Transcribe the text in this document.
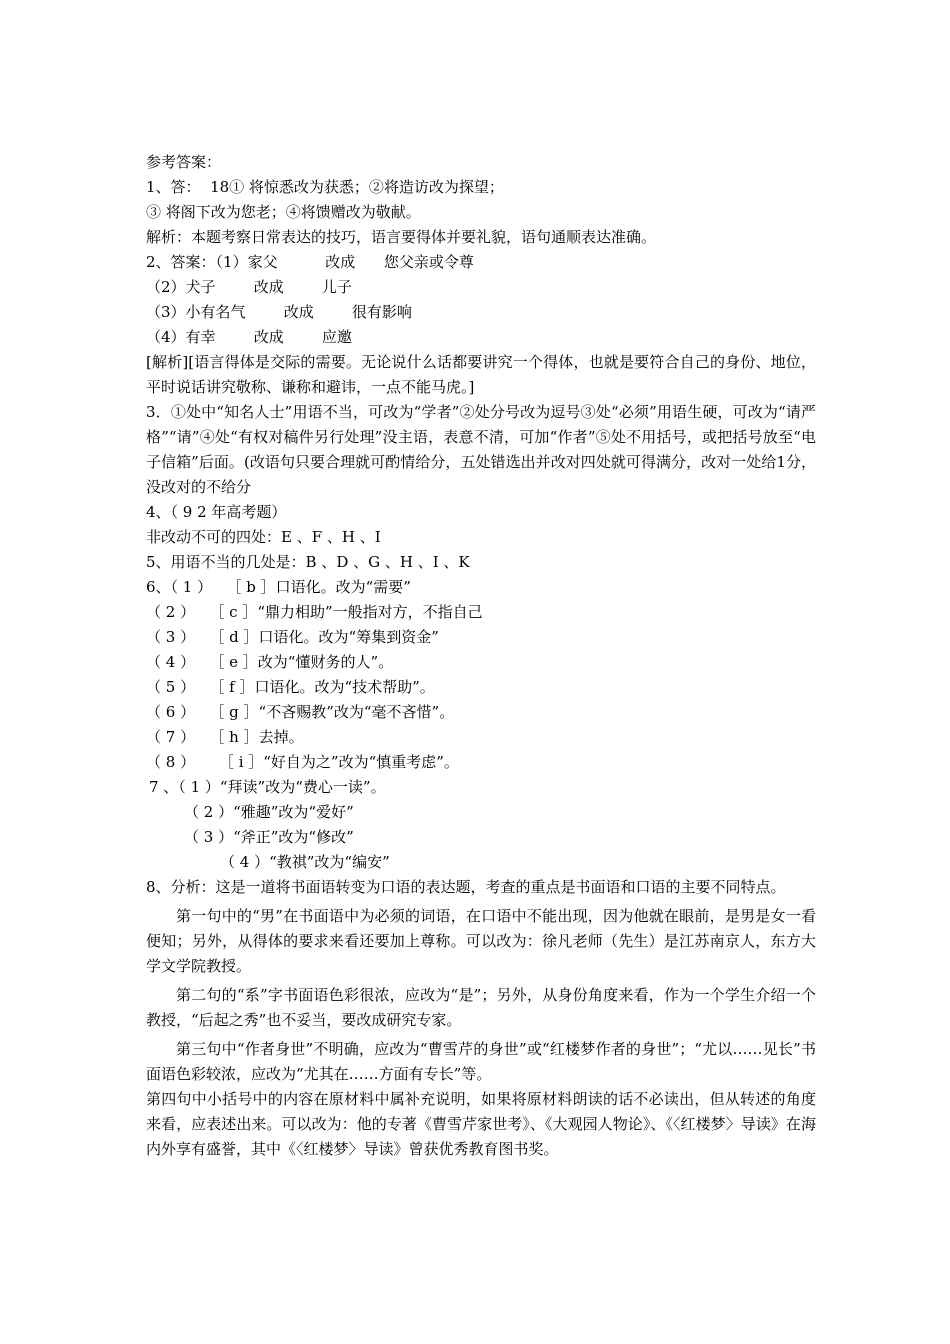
参考答案：
1、答：  18① 将惊悉改为获悉；②将造访改为探望；
③ 将阁下改为您老；④将馈赠改为敬献。
解析：本题考察日常表达的技巧，语言要得体并要礼貌，语句通顺表达准确。
2、答案：（1）家父          改成      您父亲或令尊
（2）犬子        改成        儿子
（3）小有名气        改成        很有影响
（4）有幸        改成        应邀
[解析][语言得体是交际的需要。无论说什么话都要讲究一个得体，也就是要符合自己的身份、地位，平时说话讲究敬称、谦称和避讳，一点不能马虎。]
3．①处中“知名人士”用语不当，可改为“学者”②处分号改为逗号③处“必须”用语生硬，可改为“请严格”“请”④处“有权对稿件另行处理”没主语，表意不清，可加“作者”⑤处不用括号，或把括号放至“电子信箱”后面。(改语句只要合理就可酌情给分，五处错选出并改对四处就可得满分，改对一处给1分，没改对的不给分
4、（ 9 2 年高考题）
非改动不可的四处：E 、F 、H 、I
5、用语不当的几处是：B 、D 、G 、H 、I 、K
6、（ 1 ）   ［ b ］口语化。改为“需要”
（ 2 ）   ［ c ］“鼎力相助”一般指对方，不指自己
（ 3 ）   ［ d ］口语化。改为“筹集到资金”
（ 4 ）   ［ e ］改为“懂财务的人”。
（ 5 ）   ［ f ］口语化。改为“技术帮助”。
（ 6 ）   ［ g ］“不吝赐教”改为“毫不吝惜”。
（ 7 ）   ［ h ］去掉。
（ 8 ）     ［ i ］“好自为之”改为“慎重考虑”。
7 、（ 1 ）“拜读”改为“费心一读”。
（ 2 ）“雅趣”改为“爱好”
（ 3 ）“斧正”改为“修改”
（ 4 ）“教祺”改为“编安”
8、分析：这是一道将书面语转变为口语的表达题，考查的重点是书面语和口语的主要不同特点。
第一句中的“男”在书面语中为必须的词语，在口语中不能出现，因为他就在眼前，是男是女一看便知；另外，从得体的要求来看还要加上尊称。可以改为：徐凡老师（先生）是江苏南京人，东方大学文学院教授。
第二句的“系”字书面语色彩很浓，应改为“是”；另外，从身份角度来看，作为一个学生介绍一个教授，“后起之秀”也不妥当，要改成研究专家。
第三句中“作者身世”不明确，应改为“曹雪芹的身世”或“红楼梦作者的身世”；“尤以……见长”书面语色彩较浓，应改为“尤其在……方面有专长”等。
第四句中小括号中的内容在原材料中属补充说明，如果将原材料朗读的话不必读出，但从转述的角度来看，应表述出来。可以改为：他的专著《曹雪芹家世考》、《大观园人物论》、《〈红楼梦〉导读》在海内外享有盛誉，其中《〈红楼梦〉导读》曾获优秀教育图书奖。
